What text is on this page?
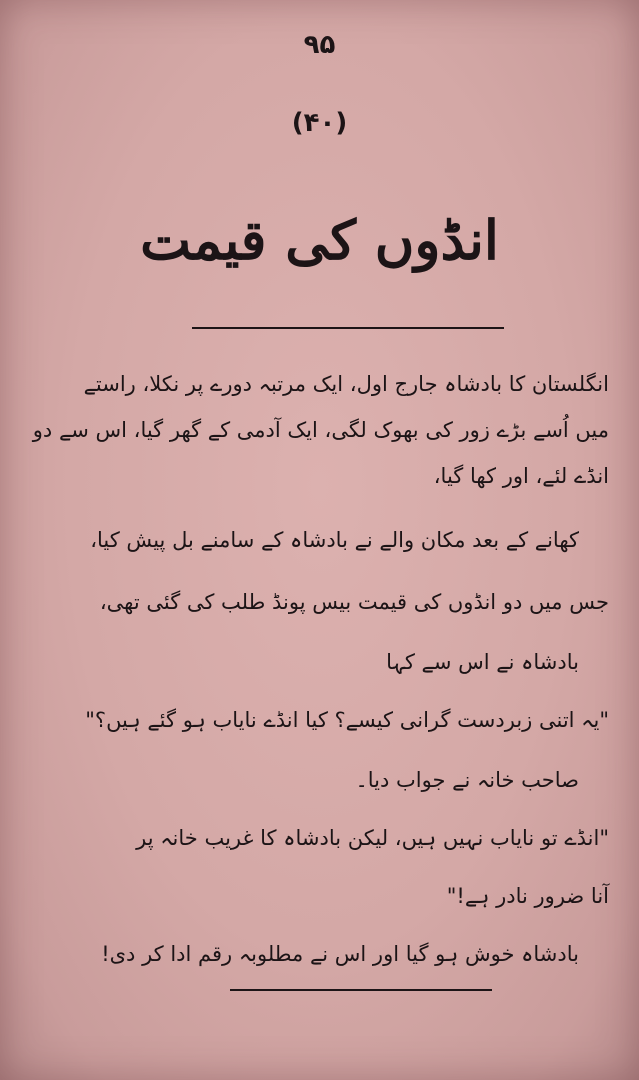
۹۵
(۴۰)
انڈوں کی قیمت
انگلستان کا بادشاہ جارج اول، ایک مرتبہ دورے پر نکلا، راستے
میں اُسے بڑے زور کی بھوک لگی، ایک آدمی کے گھر گیا، اس سے دو
انڈے لئے، اور کھا گیا،
کھانے کے بعد مکان والے نے بادشاہ کے سامنے بل پیش کیا،
جس میں دو انڈوں کی قیمت بیس پونڈ طلب کی گئی تھی،
بادشاہ نے اس سے کہا
"یہ اتنی زبردست گرانی کیسے؟ کیا انڈے نایاب ہو گئے ہیں؟"
صاحب خانہ نے جواب دیا۔
"انڈے تو نایاب نہیں ہیں، لیکن بادشاہ کا غریب خانہ پر
آنا ضرور نادر ہے!"
بادشاہ خوش ہو گیا اور اس نے مطلوبہ رقم ادا کر دی!
